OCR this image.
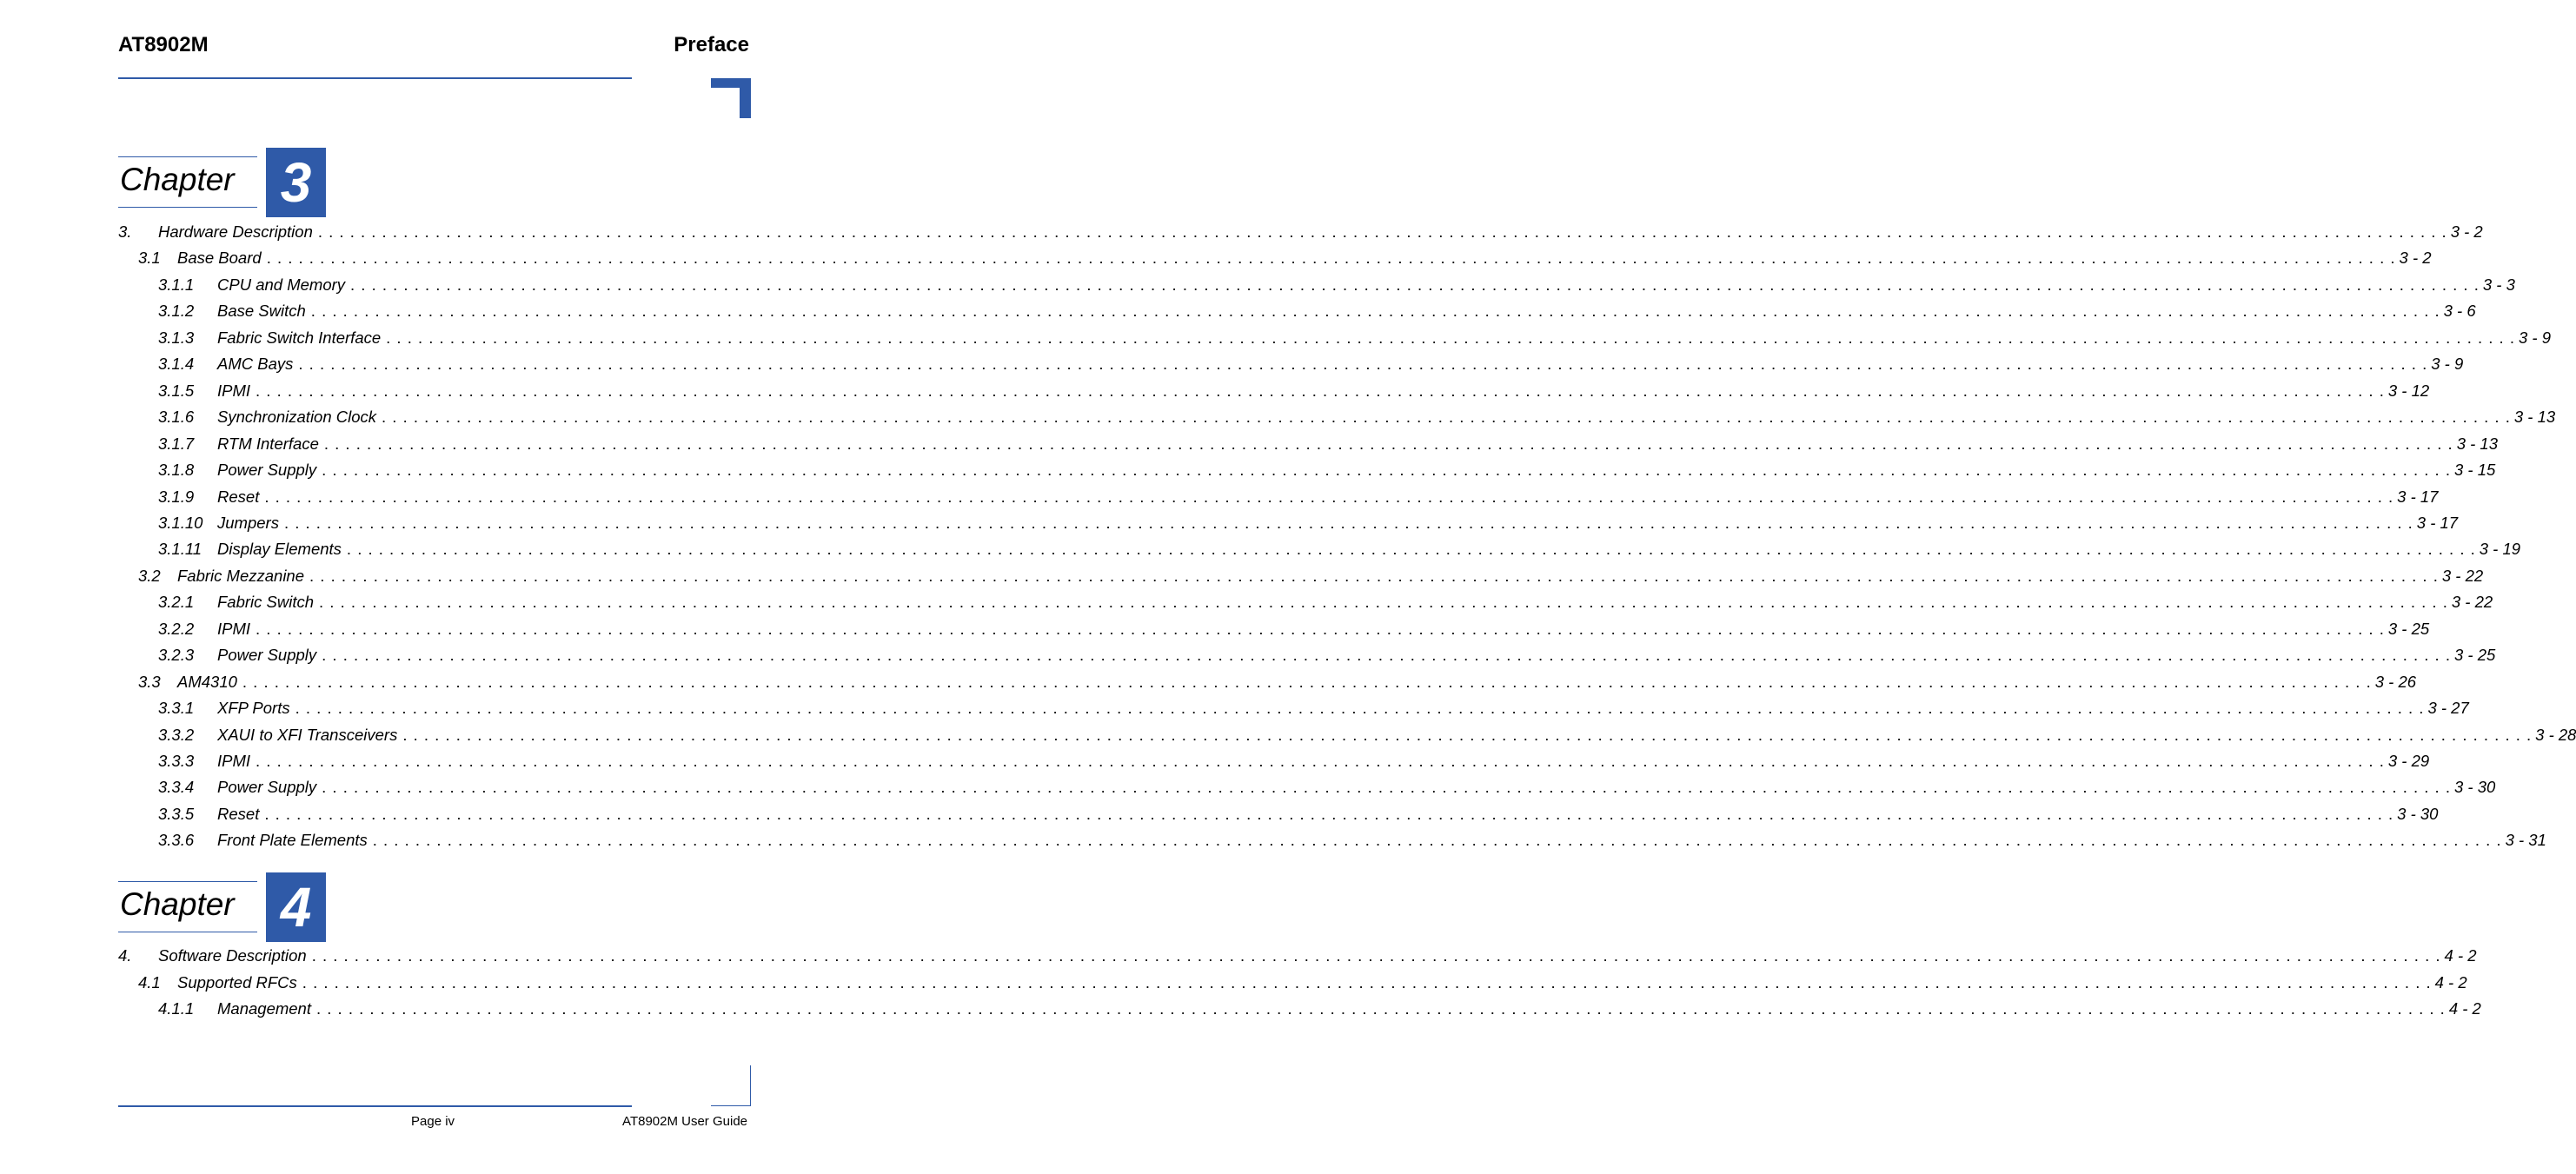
AT8902M	Preface
Chapter 3
3.	Hardware Description . . . . . . . . . . . . . . . . . . . . . . . . . . . . . . . . . . . . . . . . . . . . . . . . . . . . . . . . . . . . . . . . . . . . . . . . . . . . . . . . . . . . . . . . . . . . . . . . . . . . . . . . . . . . . . . . . . . . . . . . . . . . . . . . . . . . . . . . . . . . . . . . . . . . . . . . . . . . . . . . . . . . . . . . . . . . . . . . . . . . . . . . . . . . . . . . . . . . . . . . 3 - 2
3.1	Base Board . . . . . . . . . . . . . . . . . . . . . . . . . . . . . . . . . . . . . . . . . . . . . . . . . . . . . . . . . . . . . . . . . . . . . . . . . . . . . . . . . . . . . . . . . . . . . . . . . . . . . . . . . . . . . . . . . . . . . . . . . . . . . . . . . . . . . . . . . . . . . . . . . . . . . . . . . . . . . . . . . . . . . . . . . . . . . . . . . . . . . . . . . . . . . . . . . . . . . . . . 3 - 2
3.1.1	CPU and Memory . . . . . . . . . . . . . . . . . . . . . . . . . . . . . . . . . . . . . . . . . . . . . . . . . . . . . . . . . . . . . . . . . . . . . . . . . . . . . . . . . . . . . . . . . . . . . . . . . . . . . . . . . . . . . . . . . . . . . . . . . . . . . . . . . . . . . . . . . . . . . . . . . . . . . . . . . . . . . . . . . . . . . . . . . . . . . . . . . . . . . . . . . . . . . . . . . . . . . . . . 3 - 3
3.1.2	Base Switch . . . . . . . . . . . . . . . . . . . . . . . . . . . . . . . . . . . . . . . . . . . . . . . . . . . . . . . . . . . . . . . . . . . . . . . . . . . . . . . . . . . . . . . . . . . . . . . . . . . . . . . . . . . . . . . . . . . . . . . . . . . . . . . . . . . . . . . . . . . . . . . . . . . . . . . . . . . . . . . . . . . . . . . . . . . . . . . . . . . . . . . . . . . . . . . . . . . . . . . . 3 - 6
3.1.3	Fabric Switch Interface . . . . . . . . . . . . . . . . . . . . . . . . . . . . . . . . . . . . . . . . . . . . . . . . . . . . . . . . . . . . . . . . . . . . . . . . . . . . . . . . . . . . . . . . . . . . . . . . . . . . . . . . . . . . . . . . . . . . . . . . . . . . . . . . . . . . . . . . . . . . . . . . . . . . . . . . . . . . . . . . . . . . . . . . . . . . . . . . . . . . . . . . . . . . . . . . . . . . . . . . 3 - 9
3.1.4	AMC Bays . . . . . . . . . . . . . . . . . . . . . . . . . . . . . . . . . . . . . . . . . . . . . . . . . . . . . . . . . . . . . . . . . . . . . . . . . . . . . . . . . . . . . . . . . . . . . . . . . . . . . . . . . . . . . . . . . . . . . . . . . . . . . . . . . . . . . . . . . . . . . . . . . . . . . . . . . . . . . . . . . . . . . . . . . . . . . . . . . . . . . . . . . . . . . . . . . . . . . . . . 3 - 9
3.1.5	IPMI . . . . . . . . . . . . . . . . . . . . . . . . . . . . . . . . . . . . . . . . . . . . . . . . . . . . . . . . . . . . . . . . . . . . . . . . . . . . . . . . . . . . . . . . . . . . . . . . . . . . . . . . . . . . . . . . . . . . . . . . . . . . . . . . . . . . . . . . . . . . . . . . . . . . . . . . . . . . . . . . . . . . . . . . . . . . . . . . . . . . . . . . . . . . . . . . . . . . . . . . 3 - 12
3.1.6	Synchronization Clock . . . . . . . . . . . . . . . . . . . . . . . . . . . . . . . . . . . . . . . . . . . . . . . . . . . . . . . . . . . . . . . . . . . . . . . . . . . . . . . . . . . . . . . . . . . . . . . . . . . . . . . . . . . . . . . . . . . . . . . . . . . . . . . . . . . . . . . . . . . . . . . . . . . . . . . . . . . . . . . . . . . . . . . . . . . . . . . . . . . . . . . . . . . . . . . . . . . . . . . . 3 - 13
3.1.7	RTM Interface . . . . . . . . . . . . . . . . . . . . . . . . . . . . . . . . . . . . . . . . . . . . . . . . . . . . . . . . . . . . . . . . . . . . . . . . . . . . . . . . . . . . . . . . . . . . . . . . . . . . . . . . . . . . . . . . . . . . . . . . . . . . . . . . . . . . . . . . . . . . . . . . . . . . . . . . . . . . . . . . . . . . . . . . . . . . . . . . . . . . . . . . . . . . . . . . . . . . . . . . 3 - 13
3.1.8	Power Supply . . . . . . . . . . . . . . . . . . . . . . . . . . . . . . . . . . . . . . . . . . . . . . . . . . . . . . . . . . . . . . . . . . . . . . . . . . . . . . . . . . . . . . . . . . . . . . . . . . . . . . . . . . . . . . . . . . . . . . . . . . . . . . . . . . . . . . . . . . . . . . . . . . . . . . . . . . . . . . . . . . . . . . . . . . . . . . . . . . . . . . . . . . . . . . . . . . . . . . . . 3 - 15
3.1.9	Reset . . . . . . . . . . . . . . . . . . . . . . . . . . . . . . . . . . . . . . . . . . . . . . . . . . . . . . . . . . . . . . . . . . . . . . . . . . . . . . . . . . . . . . . . . . . . . . . . . . . . . . . . . . . . . . . . . . . . . . . . . . . . . . . . . . . . . . . . . . . . . . . . . . . . . . . . . . . . . . . . . . . . . . . . . . . . . . . . . . . . . . . . . . . . . . . . . . . . . . . . 3 - 17
3.1.10 Jumpers . . . . . . . . . . . . . . . . . . . . . . . . . . . . . . . . . . . . . . . . . . . . . . . . . . . . . . . . . . . . . . . . . . . . . . . . . . . . . . . . . . . . . . . . . . . . . . . . . . . . . . . . . . . . . . . . . . . . . . . . . . . . . . . . . . . . . . . . . . . . . . . . . . . . . . . . . . . . . . . . . . . . . . . . . . . . . . . . . . . . . . . . . . . . . . . . . . . . . . . . 3 - 17
3.1.11 Display Elements . . . . . . . . . . . . . . . . . . . . . . . . . . . . . . . . . . . . . . . . . . . . . . . . . . . . . . . . . . . . . . . . . . . . . . . . . . . . . . . . . . . . . . . . . . . . . . . . . . . . . . . . . . . . . . . . . . . . . . . . . . . . . . . . . . . . . . . . . . . . . . . . . . . . . . . . . . . . . . . . . . . . . . . . . . . . . . . . . . . . . . . . . . . . . . . . . . . . . . . . 3 - 19
3.2	Fabric Mezzanine . . . . . . . . . . . . . . . . . . . . . . . . . . . . . . . . . . . . . . . . . . . . . . . . . . . . . . . . . . . . . . . . . . . . . . . . . . . . . . . . . . . . . . . . . . . . . . . . . . . . . . . . . . . . . . . . . . . . . . . . . . . . . . . . . . . . . . . . . . . . . . . . . . . . . . . . . . . . . . . . . . . . . . . . . . . . . . . . . . . . . . . . . . . . . . . . . . . . . . . . 3 - 22
3.2.1	Fabric Switch . . . . . . . . . . . . . . . . . . . . . . . . . . . . . . . . . . . . . . . . . . . . . . . . . . . . . . . . . . . . . . . . . . . . . . . . . . . . . . . . . . . . . . . . . . . . . . . . . . . . . . . . . . . . . . . . . . . . . . . . . . . . . . . . . . . . . . . . . . . . . . . . . . . . . . . . . . . . . . . . . . . . . . . . . . . . . . . . . . . . . . . . . . . . . . . . . . . . . . . . 3 - 22
3.2.2	IPMI . . . . . . . . . . . . . . . . . . . . . . . . . . . . . . . . . . . . . . . . . . . . . . . . . . . . . . . . . . . . . . . . . . . . . . . . . . . . . . . . . . . . . . . . . . . . . . . . . . . . . . . . . . . . . . . . . . . . . . . . . . . . . . . . . . . . . . . . . . . . . . . . . . . . . . . . . . . . . . . . . . . . . . . . . . . . . . . . . . . . . . . . . . . . . . . . . . . . . . . . 3 - 25
3.2.3	Power Supply . . . . . . . . . . . . . . . . . . . . . . . . . . . . . . . . . . . . . . . . . . . . . . . . . . . . . . . . . . . . . . . . . . . . . . . . . . . . . . . . . . . . . . . . . . . . . . . . . . . . . . . . . . . . . . . . . . . . . . . . . . . . . . . . . . . . . . . . . . . . . . . . . . . . . . . . . . . . . . . . . . . . . . . . . . . . . . . . . . . . . . . . . . . . . . . . . . . . . . . . 3 - 25
3.3	AM4310 . . . . . . . . . . . . . . . . . . . . . . . . . . . . . . . . . . . . . . . . . . . . . . . . . . . . . . . . . . . . . . . . . . . . . . . . . . . . . . . . . . . . . . . . . . . . . . . . . . . . . . . . . . . . . . . . . . . . . . . . . . . . . . . . . . . . . . . . . . . . . . . . . . . . . . . . . . . . . . . . . . . . . . . . . . . . . . . . . . . . . . . . . . . . . . . . . . . . . . . . 3 - 26
3.3.1	XFP Ports . . . . . . . . . . . . . . . . . . . . . . . . . . . . . . . . . . . . . . . . . . . . . . . . . . . . . . . . . . . . . . . . . . . . . . . . . . . . . . . . . . . . . . . . . . . . . . . . . . . . . . . . . . . . . . . . . . . . . . . . . . . . . . . . . . . . . . . . . . . . . . . . . . . . . . . . . . . . . . . . . . . . . . . . . . . . . . . . . . . . . . . . . . . . . . . . . . . . . . . . 3 - 27
3.3.2	XAUI to XFI Transceivers . . . . . . . . . . . . . . . . . . . . . . . . . . . . . . . . . . . . . . . . . . . . . . . . . . . . . . . . . . . . . . . . . . . . . . . . . . . . . . . . . . . . . . . . . . . . . . . . . . . . . . . . . . . . . . . . . . . . . . . . . . . . . . . . . . . . . . . . . . . . . . . . . . . . . . . . . . . . . . . . . . . . . . . . . . . . . . . . . . . . . . . . . . . . . . . . . . . . . . . . 3 - 28
3.3.3	IPMI . . . . . . . . . . . . . . . . . . . . . . . . . . . . . . . . . . . . . . . . . . . . . . . . . . . . . . . . . . . . . . . . . . . . . . . . . . . . . . . . . . . . . . . . . . . . . . . . . . . . . . . . . . . . . . . . . . . . . . . . . . . . . . . . . . . . . . . . . . . . . . . . . . . . . . . . . . . . . . . . . . . . . . . . . . . . . . . . . . . . . . . . . . . . . . . . . . . . . . . . 3 - 29
3.3.4	Power Supply . . . . . . . . . . . . . . . . . . . . . . . . . . . . . . . . . . . . . . . . . . . . . . . . . . . . . . . . . . . . . . . . . . . . . . . . . . . . . . . . . . . . . . . . . . . . . . . . . . . . . . . . . . . . . . . . . . . . . . . . . . . . . . . . . . . . . . . . . . . . . . . . . . . . . . . . . . . . . . . . . . . . . . . . . . . . . . . . . . . . . . . . . . . . . . . . . . . . . . . . 3 - 30
3.3.5	Reset . . . . . . . . . . . . . . . . . . . . . . . . . . . . . . . . . . . . . . . . . . . . . . . . . . . . . . . . . . . . . . . . . . . . . . . . . . . . . . . . . . . . . . . . . . . . . . . . . . . . . . . . . . . . . . . . . . . . . . . . . . . . . . . . . . . . . . . . . . . . . . . . . . . . . . . . . . . . . . . . . . . . . . . . . . . . . . . . . . . . . . . . . . . . . . . . . . . . . . . . 3 - 30
3.3.6	Front Plate Elements . . . . . . . . . . . . . . . . . . . . . . . . . . . . . . . . . . . . . . . . . . . . . . . . . . . . . . . . . . . . . . . . . . . . . . . . . . . . . . . . . . . . . . . . . . . . . . . . . . . . . . . . . . . . . . . . . . . . . . . . . . . . . . . . . . . . . . . . . . . . . . . . . . . . . . . . . . . . . . . . . . . . . . . . . . . . . . . . . . . . . . . . . . . . . . . . . . . . . . . . 3 - 31
Chapter 4
4.	Software Description . . . . . . . . . . . . . . . . . . . . . . . . . . . . . . . . . . . . . . . . . . . . . . . . . . . . . . . . . . . . . . . . . . . . . . . . . . . . . . . . . . . . . . . . . . . . . . . . . . . . . . . . . . . . . . . . . . . . . . . . . . . . . . . . . . . . . . . . . . . . . . . . . . . . . . . . . . . . . . . . . . . . . . . . . . . . . . . . . . . . . . . . . . . . . . . . . . . . . . . . 4 - 2
4.1	Supported RFCs . . . . . . . . . . . . . . . . . . . . . . . . . . . . . . . . . . . . . . . . . . . . . . . . . . . . . . . . . . . . . . . . . . . . . . . . . . . . . . . . . . . . . . . . . . . . . . . . . . . . . . . . . . . . . . . . . . . . . . . . . . . . . . . . . . . . . . . . . . . . . . . . . . . . . . . . . . . . . . . . . . . . . . . . . . . . . . . . . . . . . . . . . . . . . . . . . . . . . . . . 4 - 2
4.1.1	Management . . . . . . . . . . . . . . . . . . . . . . . . . . . . . . . . . . . . . . . . . . . . . . . . . . . . . . . . . . . . . . . . . . . . . . . . . . . . . . . . . . . . . . . . . . . . . . . . . . . . . . . . . . . . . . . . . . . . . . . . . . . . . . . . . . . . . . . . . . . . . . . . . . . . . . . . . . . . . . . . . . . . . . . . . . . . . . . . . . . . . . . . . . . . . . . . . . . . . . . . 4 - 2
Page iv	AT8902M User Guide
